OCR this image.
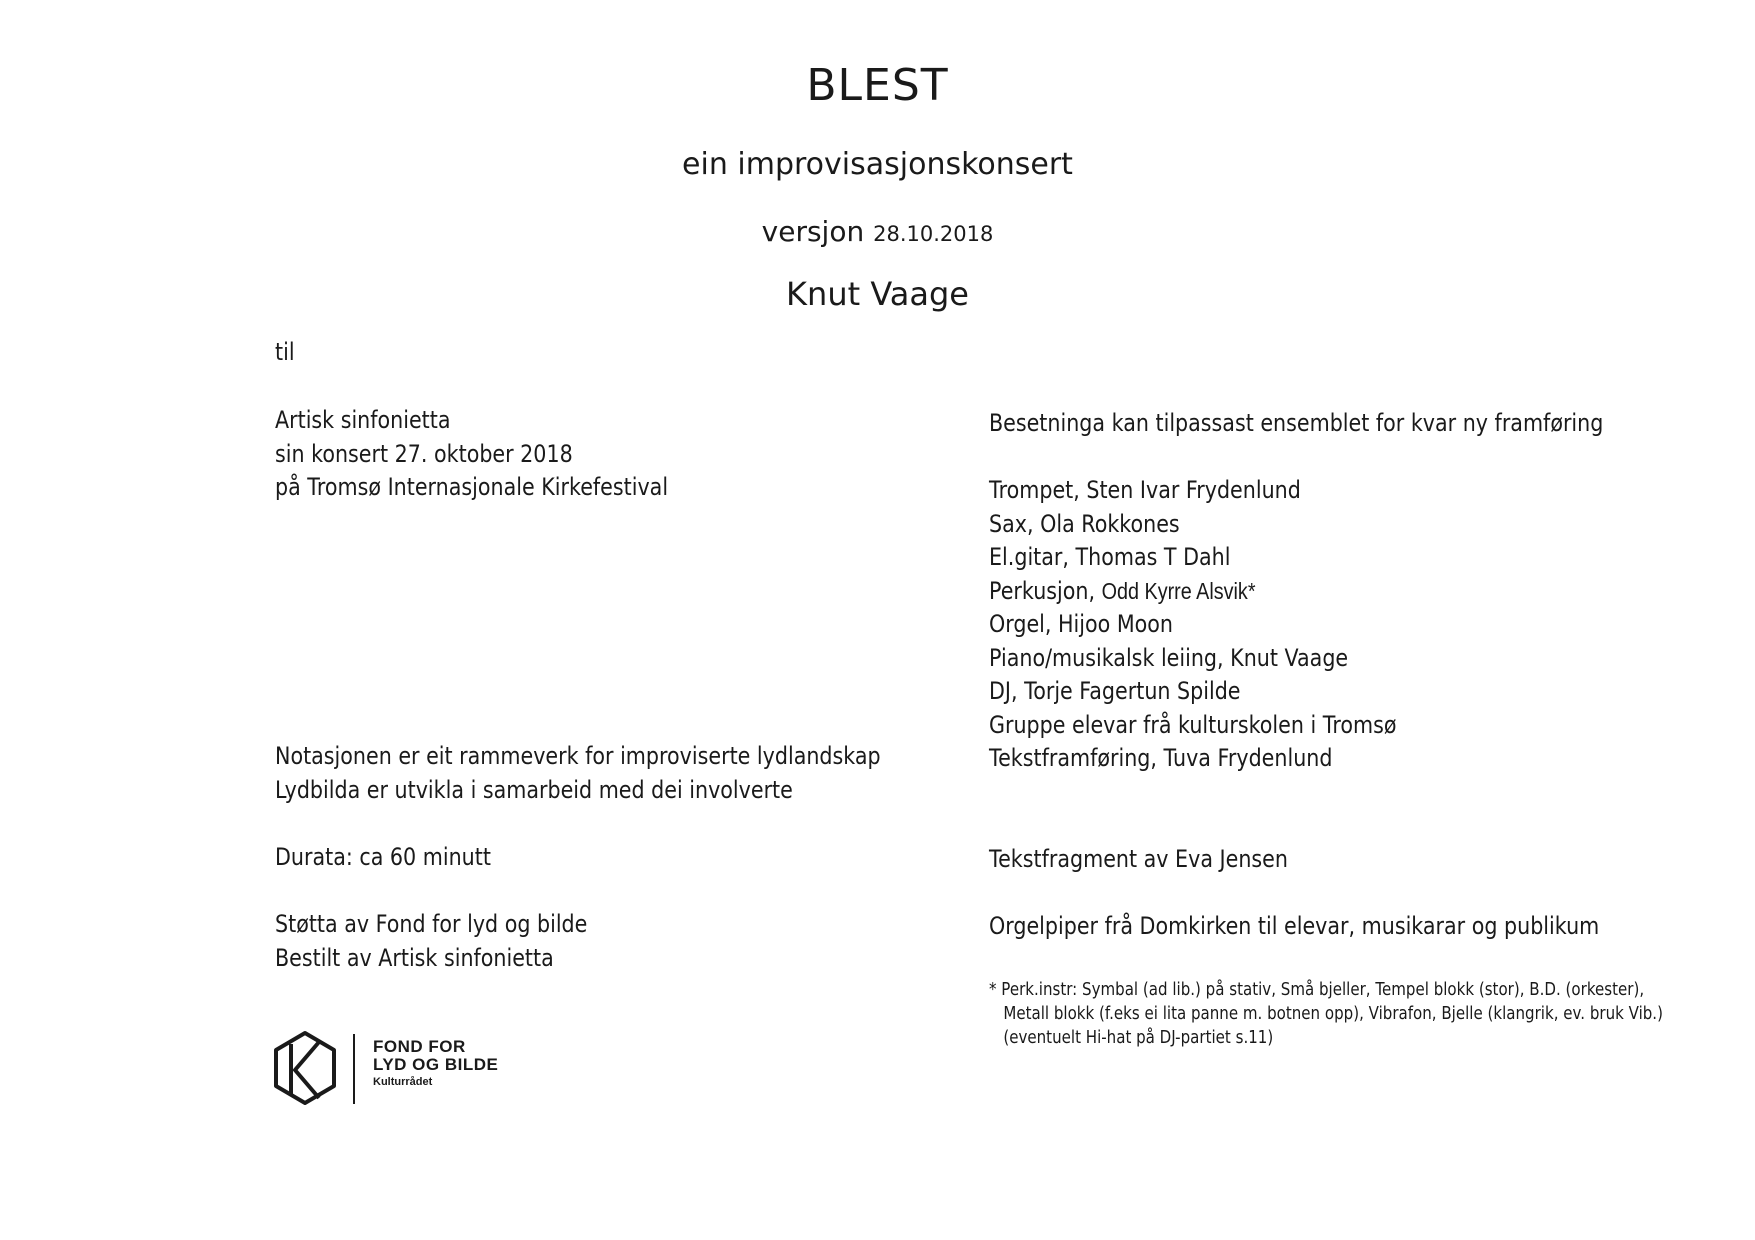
BLEST
ein improvisasjonskonsert
versjon 28.10.2018
Knut Vaage
til
Artisk sinfonietta
sin konsert 27. oktober 2018
på Tromsø Internasjonale Kirkefestival
Notasjonen er eit rammeverk for improviserte lydlandskap
Lydbilda er utvikla i samarbeid med dei involverte
Durata: ca 60 minutt
Støtta av Fond for lyd og bilde
Bestilt av Artisk sinfonietta
FOND FOR
LYD OG BILDE
Kulturrådet
Besetninga kan tilpassast ensemblet for kvar ny framføring
Trompet, Sten Ivar Frydenlund
Sax, Ola Rokkones
El.gitar, Thomas T Dahl
Perkusjon, Odd Kyrre Alsvik*
Orgel, Hijoo Moon
Piano/musikalsk leiing, Knut Vaage
DJ, Torje Fagertun Spilde
Gruppe elevar frå kulturskolen i Tromsø
Tekstframføring, Tuva Frydenlund
Tekstfragment av Eva Jensen
Orgelpiper frå Domkirken til elevar, musikarar og publikum
* Perk.instr: Symbal (ad lib.) på stativ, Små bjeller, Tempel blokk (stor), B.D. (orkester),
Metall blokk (f.eks ei lita panne m. botnen opp), Vibrafon, Bjelle (klangrik, ev. bruk Vib.)
(eventuelt Hi-hat på DJ-partiet s.11)
